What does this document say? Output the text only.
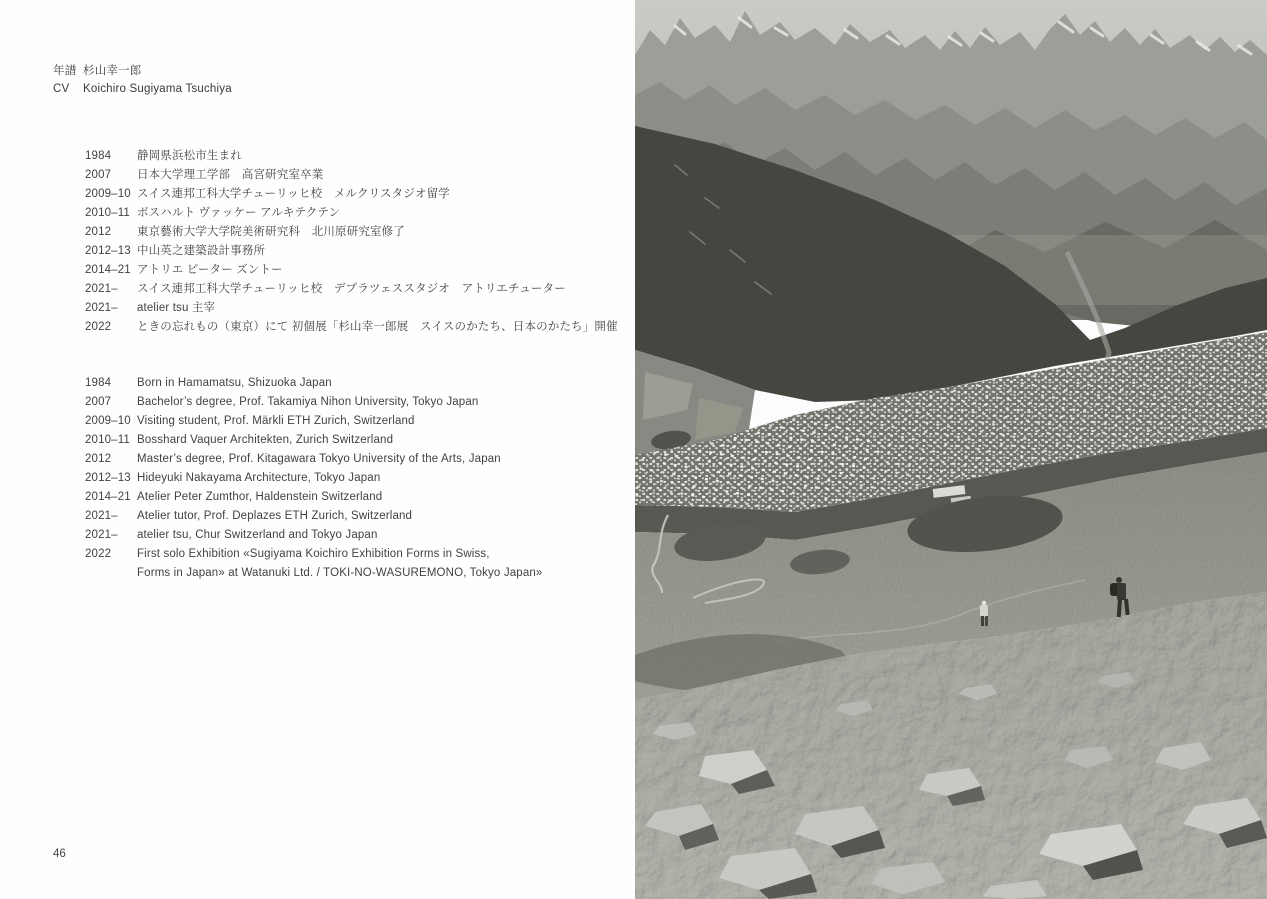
年譜 杉山幸一郎
CV	Koichiro Sugiyama Tsuchiya
1984	静岡県浜松市生まれ
2007	日本大学理工学部　高宮研究室卒業
2009–10 スイス連邦工科大学チューリッヒ校　メルクリスタジオ留学
2010–11 ボスハルト ヴァッケー アルキテクテン
2012	東京藝術大学大学院美術研究科　北川原研究室修了
2012–13 中山英之建築設計事務所
2014–21 アトリエ ピーター ズントー
2021–	スイス連邦工科大学チューリッヒ校　デプラツェススタジオ　アトリエチューター
2021–	atelier tsu 主宰
2022	ときの忘れもの（東京）にて 初個展「杉山幸一郎展　スイスのかたち、日本のかたち」開催
1984	Born in Hamamatsu, Shizuoka Japan
2007	Bachelor’s degree, Prof. Takamiya Nihon University, Tokyo Japan
2009–10 Visiting student, Prof. Märkli ETH Zurich, Switzerland
2010–11 Bosshard Vaquer Architekten, Zurich Switzerland
2012	Master’s degree, Prof. Kitagawara Tokyo University of the Arts, Japan
2012–13 Hideyuki Nakayama Architecture, Tokyo Japan
2014–21 Atelier Peter Zumthor, Haldenstein Switzerland
2021–	Atelier tutor, Prof. Deplazes ETH Zurich, Switzerland
2021–	atelier tsu, Chur Switzerland and Tokyo Japan
2022	First solo Exhibition «Sugiyama Koichiro Exhibition Forms in Swiss,
Forms in Japan» at Watanuki Ltd. / TOKI-NO-WASUREMONO, Tokyo Japan»
46
